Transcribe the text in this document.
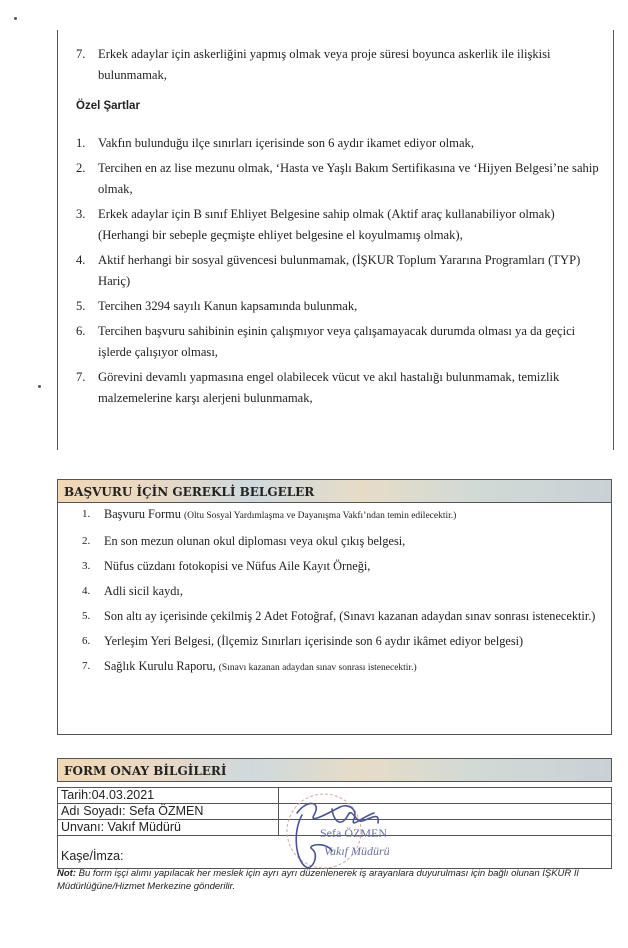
7. Erkek adaylar için askerliğini yapmış olmak veya proje süresi boyunca askerlik ile ilişkisi bulunmamak,
Özel Şartlar
1. Vakfın bulunduğu ilçe sınırları içerisinde son 6 aydır ikamet ediyor olmak,
2. Tercihen en az lise mezunu olmak, ‘Hasta ve Yaşlı Bakım Sertifikasına ve ‘Hijyen Belgesi’ne sahip olmak,
3. Erkek adaylar için B sınıf Ehliyet Belgesine sahip olmak (Aktif araç kullanabiliyor olmak) (Herhangi bir sebeple geçmişte ehliyet belgesine el koyulmamış olmak),
4. Aktif herhangi bir sosyal güvencesi bulunmamak, (İŞKUR Toplum Yararına Programları (TYP) Hariç)
5. Tercihen 3294 sayılı Kanun kapsamında bulunmak,
6. Tercihen başvuru sahibinin eşinin çalışmıyor veya çalışamayacak durumda olması ya da geçici işlerde çalışıyor olması,
7. Görevini devamlı yapmasına engel olabilecek vücut ve akıl hastalığı bulunmamak, temizlik malzemelerine karşı alerjeni bulunmamak,
BAŞVURU İÇİN GEREKLİ BELGELER
1. Başvuru Formu (Oltu Sosyal Yardımlaşma ve Dayanışma Vakfı’ndan temin edilecektir.)
2. En son mezun olunan okul diploması veya okul çıkış belgesi,
3. Nüfus cüzdanı fotokopisi ve Nüfus Aile Kayıt Örneği,
4. Adli sicil kaydı,
5. Son altı ay içerisinde çekilmiş 2 Adet Fotoğraf, (Sınavı kazanan adaydan sınav sonrası istenecektir.)
6. Yerleşim Yeri Belgesi, (İlçemiz Sınırları içerisinde son 6 aydır ikâmet ediyor belgesi)
7. Sağlık Kurulu Raporu, (Sınavı kazanan adaydan sınav sonrası istenecektir.)
FORM ONAY BİLGİLERİ
Tarih:04.03.2021
Adı Soyadı: Sefa ÖZMEN
Unvanı: Vakıf Müdürü
Kaşe/İmza:
Sefa ÖZMEN
Vakıf Müdürü
Not: Bu form işçi alımı yapılacak her meslek için ayrı ayrı düzenlenerek iş arayanlara duyurulması için bağlı olunan İŞKUR İl Müdürlüğüne/Hizmet Merkezine gönderilir.
